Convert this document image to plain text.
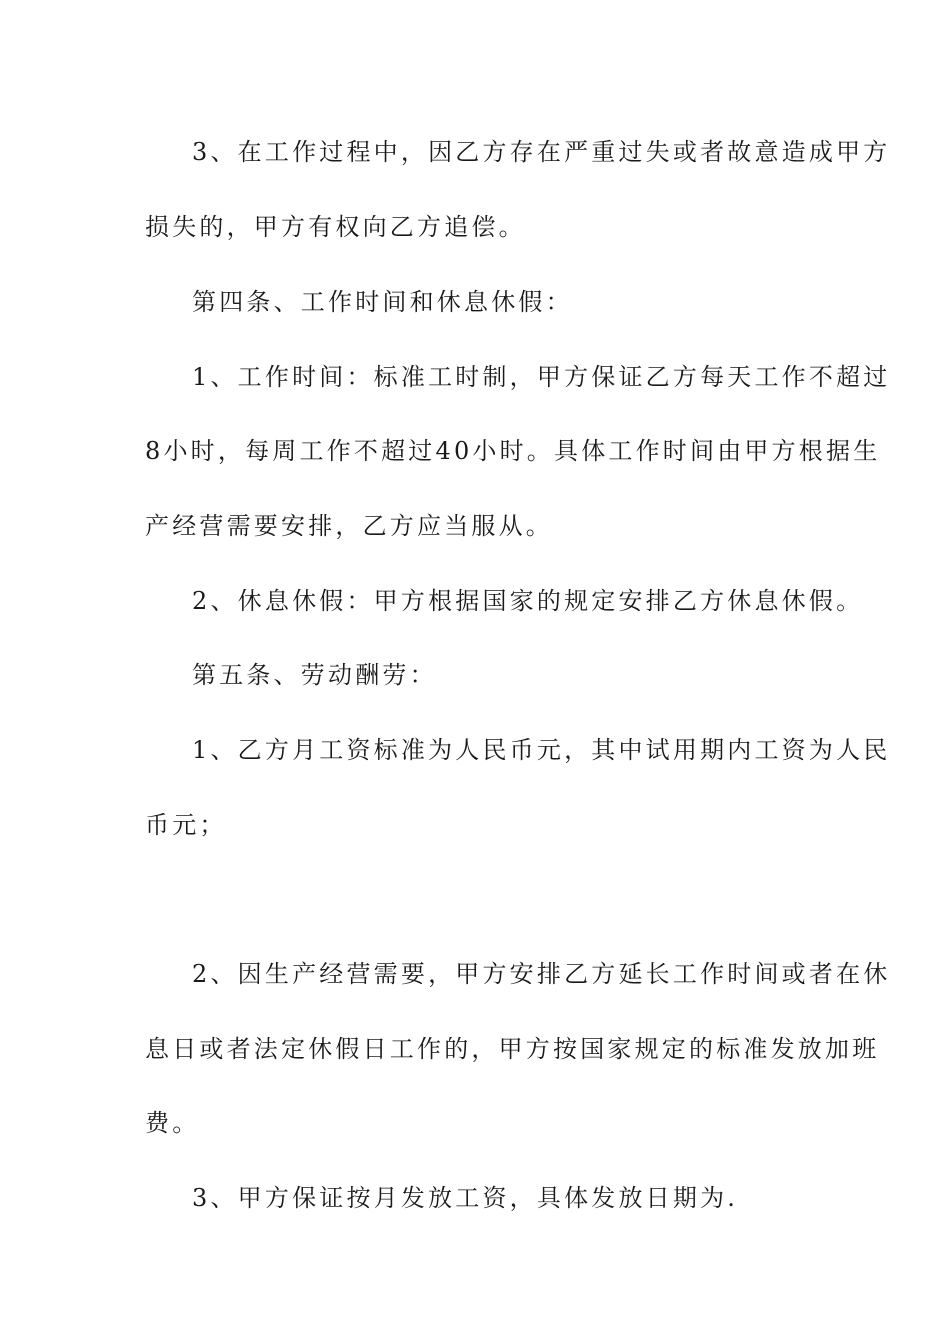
3、在工作过程中，因乙方存在严重过失或者故意造成甲方
损失的，甲方有权向乙方追偿。
第四条、工作时间和休息休假：
1、工作时间：标准工时制，甲方保证乙方每天工作不超过
8小时，每周工作不超过40小时。具体工作时间由甲方根据生
产经营需要安排，乙方应当服从。
2、休息休假：甲方根据国家的规定安排乙方休息休假。
第五条、劳动酬劳：
1、乙方月工资标准为人民币元，其中试用期内工资为人民
币元；
2、因生产经营需要，甲方安排乙方延长工作时间或者在休
息日或者法定休假日工作的，甲方按国家规定的标准发放加班
费。
3、甲方保证按月发放工资，具体发放日期为.
